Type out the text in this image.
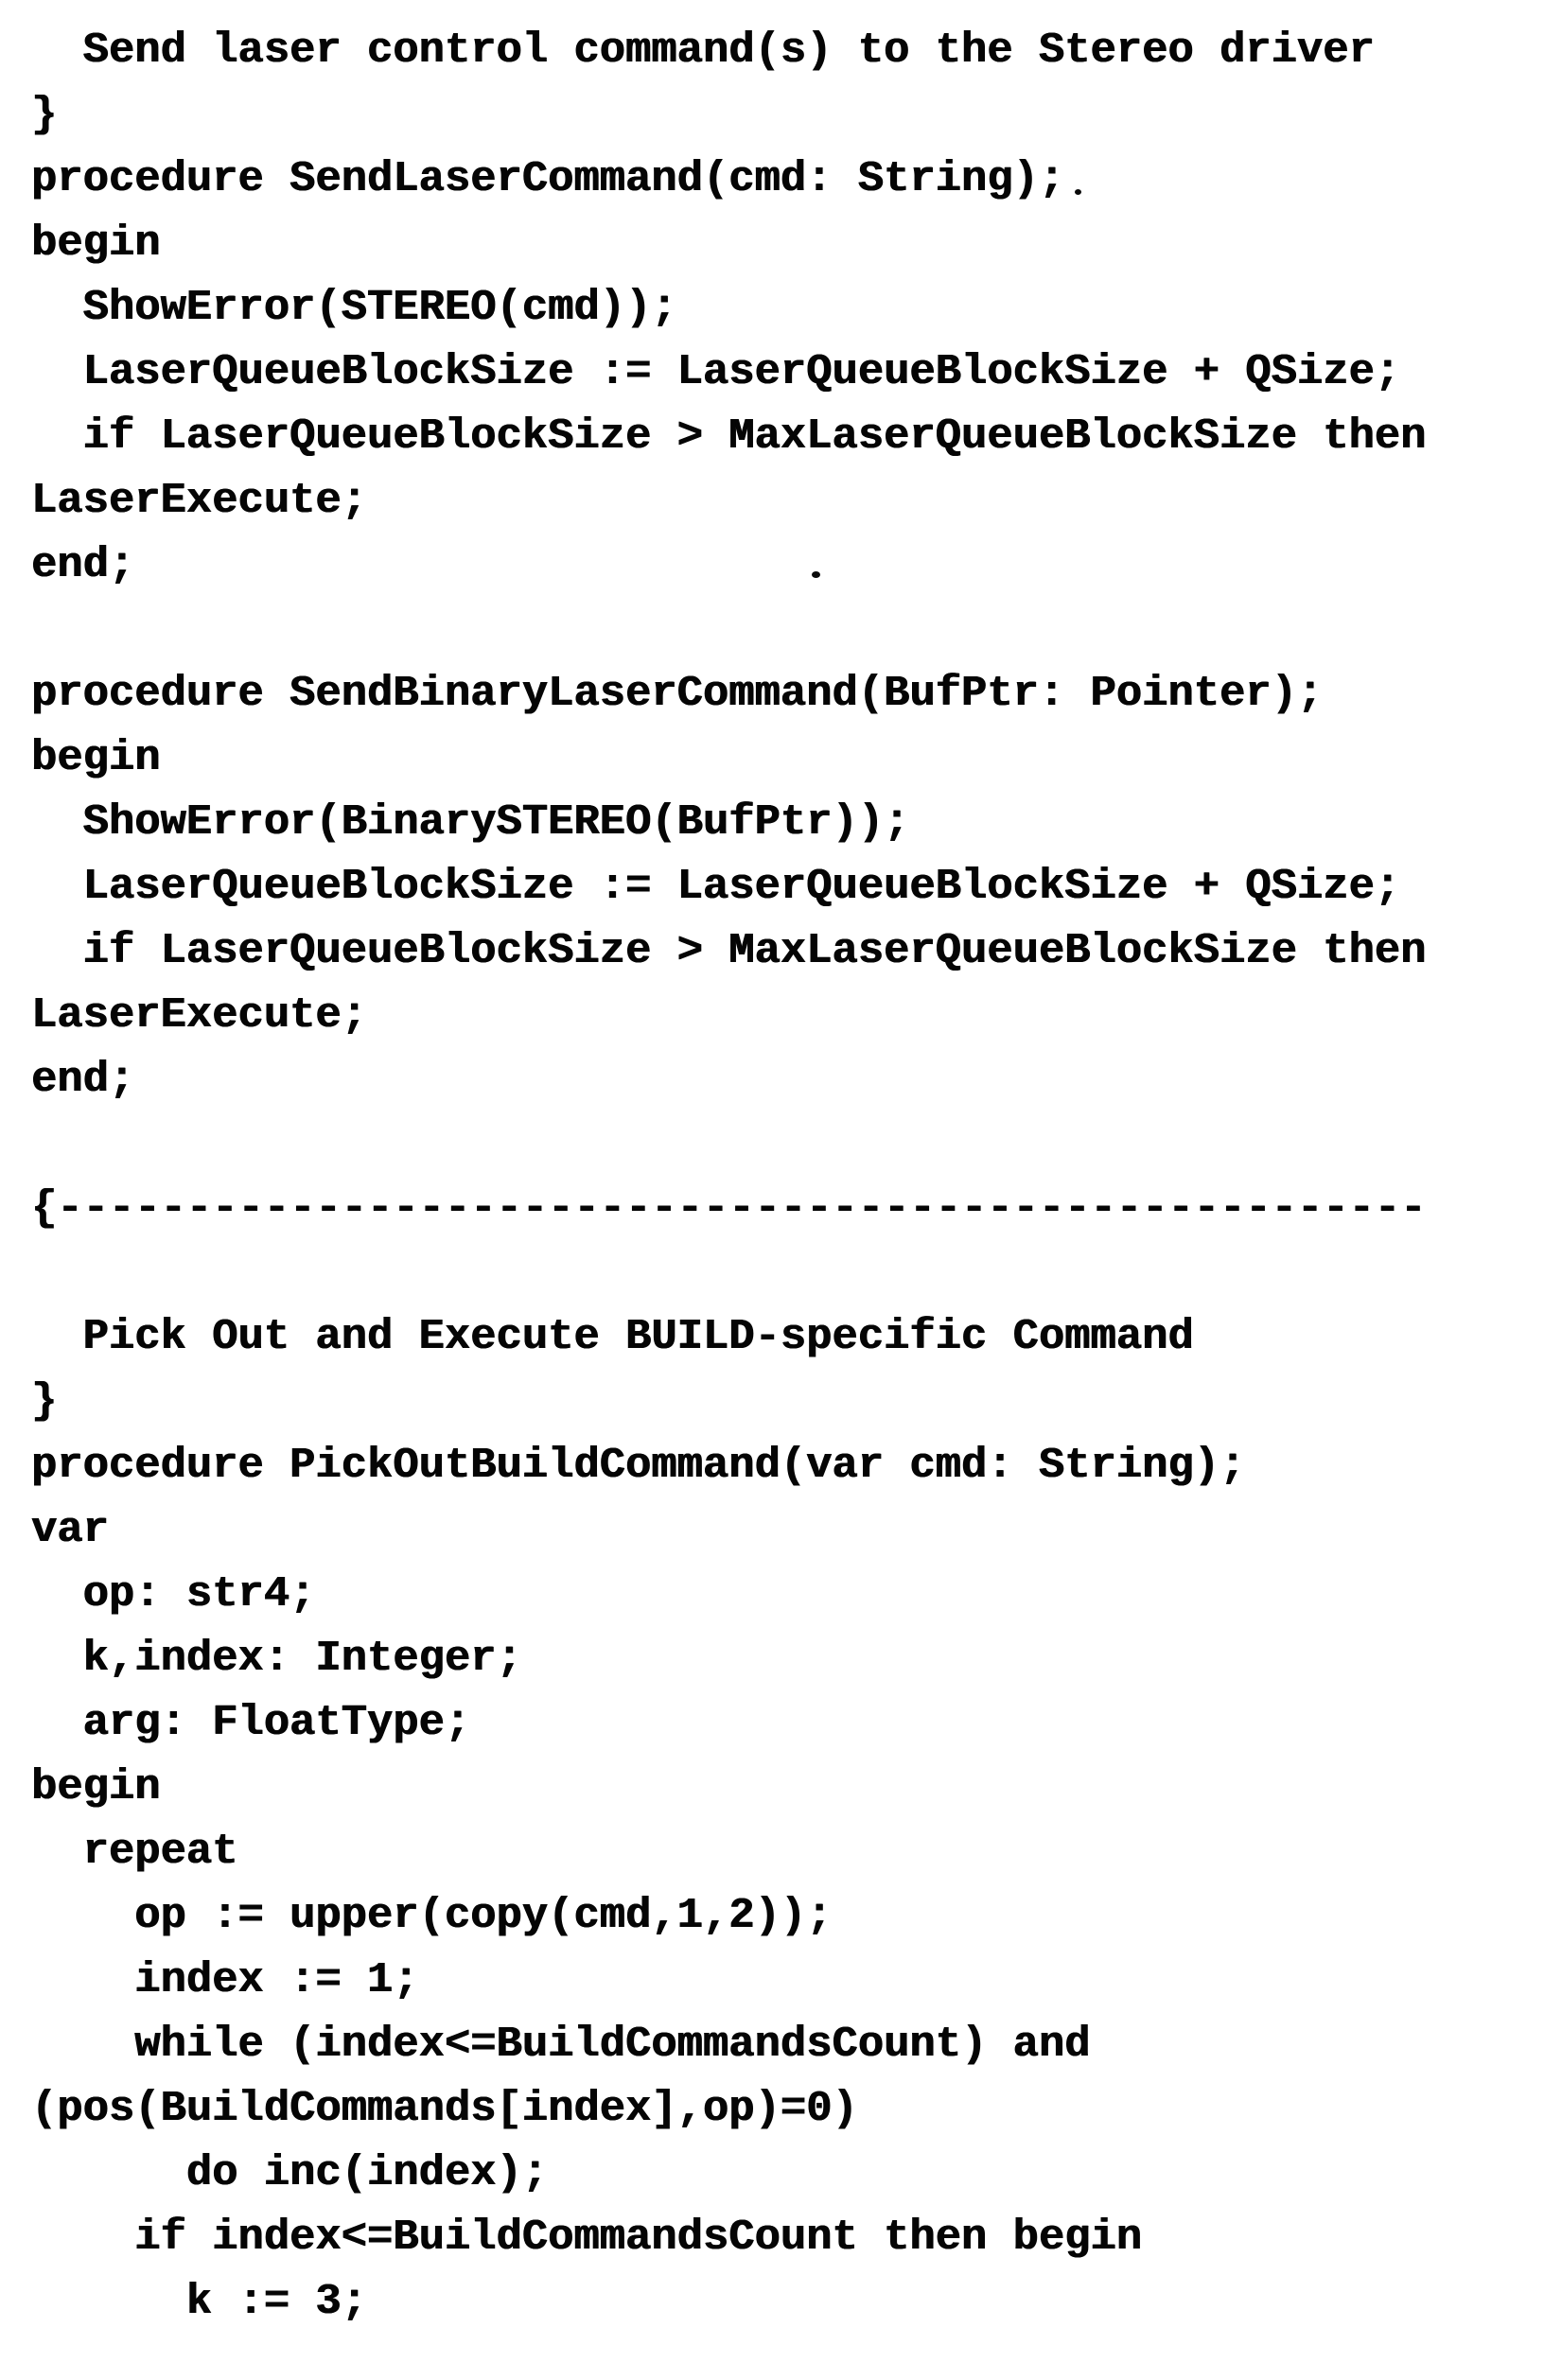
Send laser control command(s) to the Stereo driver
}
procedure SendLaserCommand(cmd: String);
begin
ShowError(STEREO(cmd));
LaserQueueBlockSize := LaserQueueBlockSize + QSize;
if LaserQueueBlockSize > MaxLaserQueueBlockSize then
LaserExecute;
end;

procedure SendBinaryLaserCommand(BufPtr: Pointer);
begin
ShowError(BinarySTEREO(BufPtr));
LaserQueueBlockSize := LaserQueueBlockSize + QSize;
if LaserQueueBlockSize > MaxLaserQueueBlockSize then
LaserExecute;
end;

{-----------------------------------------------------

Pick Out and Execute BUILD-specific Command
}
procedure PickOutBuildCommand(var cmd: String);
var
op: str4;
k,index: Integer;
arg: FloatType;
begin
repeat
op := upper(copy(cmd,1,2));
index := 1;
while (index<=BuildCommandsCount) and
(pos(BuildCommands[index],op)=0)
do inc(index);
if index<=BuildCommandsCount then begin
k := 3;
